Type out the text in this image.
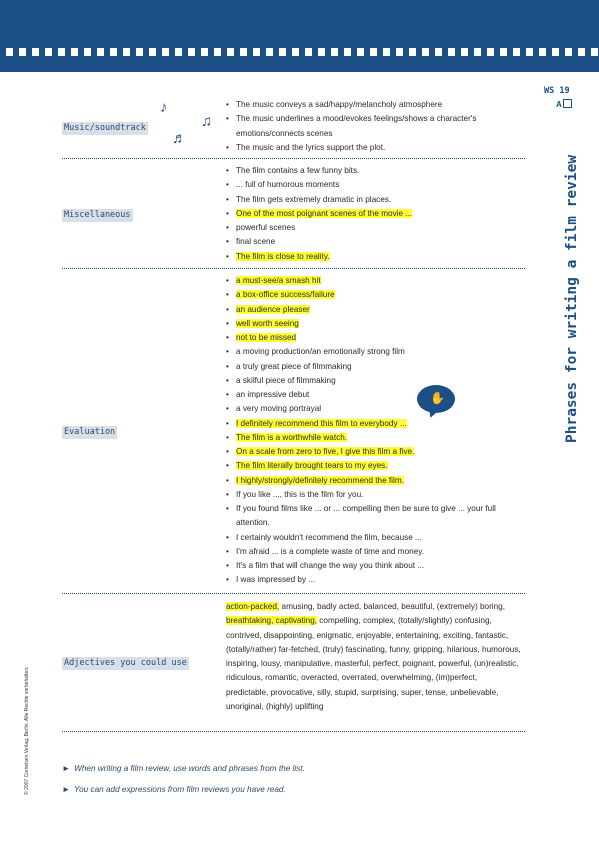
WS 19
A
Phrases for writing a film review
© 2007 Cornelsen Verlag, Berlin. Alle Rechte vorbehalten.
♪
♫
♬
Music/soundtrack
• The music conveys a sad/happy/melancholy atmosphere
• The music underlines a mood/evokes feelings/shows a character's emotions/connects scenes
• The music and the lyrics support the plot.
Miscellaneous
• The film contains a few funny bits.
• ... full of humorous moments
• The film gets extremely dramatic in places.
• One of the most poignant scenes of the movie ...
• powerful scenes
• final scene
• The film is close to reality.
Evaluation
✋
• a must-see/a smash hit
• a box-office success/failure
• an audience pleaser
• well worth seeing
• not to be missed
• a moving production/an emotionally strong film
• a truly great piece of filmmaking
• a skilful piece of filmmaking
• an impressive debut
• a very moving portrayal
• I definitely recommend this film to everybody ...
• The film is a worthwhile watch.
• On a scale from zero to five, I give this film a five.
• The film literally brought tears to my eyes.
• I highly/strongly/definitely recommend the film.
• If you like ..., this is the film for you.
• If you found films like ... or ... compelling then be sure to give ... your full attention.
• I certainly wouldn't recommend the film, because ...
• I'm afraid ... is a complete waste of time and money.
• It's a film that will change the way you think about ...
• I was impressed by ...
Adjectives you could use
action-packed, amusing, badly acted, balanced, beautiful, (extremely) boring, breathtaking, captivating, compelling, complex, (totally/slightly) confusing, contrived, disappointing, enigmatic, enjoyable, entertaining, exciting, fantastic, (totally/rather) far-fetched, (truly) fascinating, funny, gripping, hilarious, humorous, inspiring, lousy, manipulative, masterful, perfect, poignant, powerful, (un)realistic, ridiculous, romantic, overacted, overrated, overwhelming, (im)perfect, predictable, provocative, silly, stupid, surprising, super, tense, unbelievable, unoriginal, (highly) uplifting
► When writing a film review, use words and phrases from the list.
► You can add expressions from film reviews you have read.
